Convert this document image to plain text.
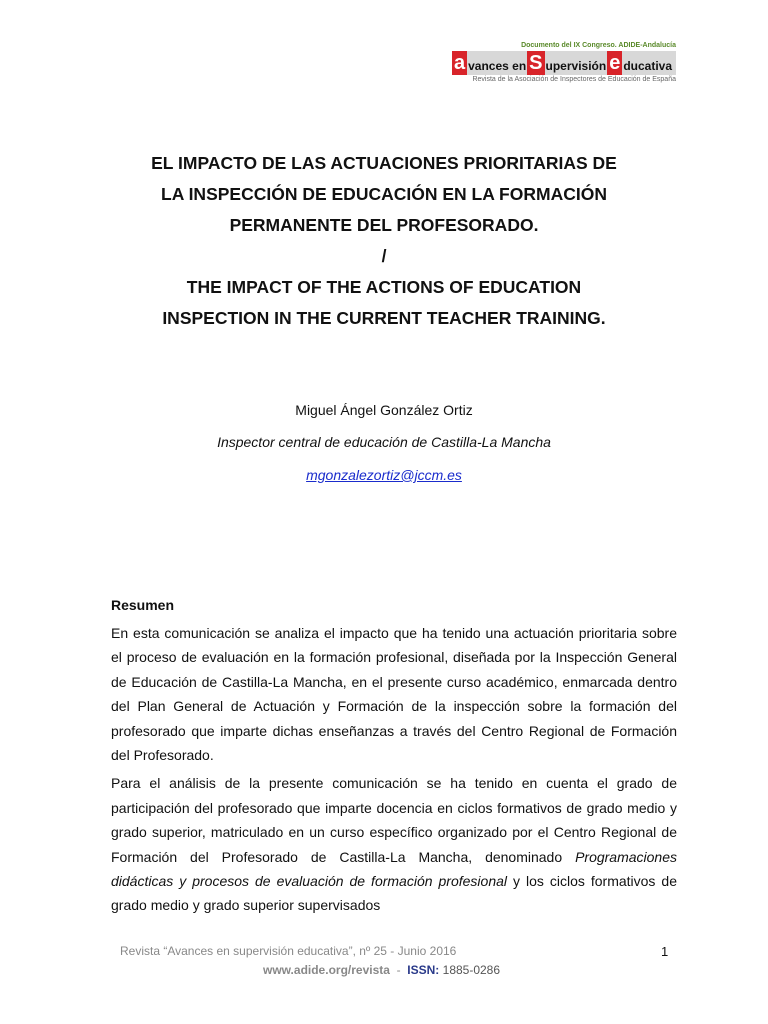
Documento del IX Congreso. ADIDE-Andalucía
a vances en S upervisión e ducativa
Revista de la Asociación de Inspectores de Educación de España
EL IMPACTO DE LAS ACTUACIONES PRIORITARIAS DE
LA INSPECCIÓN DE EDUCACIÓN EN LA FORMACIÓN
PERMANENTE DEL PROFESORADO.
/
THE IMPACT OF THE ACTIONS OF EDUCATION
INSPECTION IN THE CURRENT TEACHER TRAINING.
Miguel Ángel González Ortiz
Inspector central de educación de Castilla-La Mancha
mgonzalezortiz@jccm.es
Resumen

En esta comunicación se analiza el impacto que ha tenido una actuación prioritaria sobre el proceso de evaluación en la formación profesional, diseñada por la Inspección General de Educación de Castilla-La Mancha, en el presente curso académico, enmarcada dentro del Plan General de Actuación y Formación de la inspección sobre la formación del profesorado que imparte dichas enseñanzas a través del Centro Regional de Formación del Profesorado.

Para el análisis de la presente comunicación se ha tenido en cuenta el grado de participación del profesorado que imparte docencia en ciclos formativos de grado medio y grado superior, matriculado en un curso específico organizado por el Centro Regional de Formación del Profesorado de Castilla-La Mancha, denominado Programaciones didácticas y procesos de evaluación de formación profesional y los ciclos formativos de grado medio y grado superior supervisados

Revista “Avances en supervisión educativa”, nº 25 - Junio 2016	1
www.adide.org/revista - ISSN: 1885-0286
